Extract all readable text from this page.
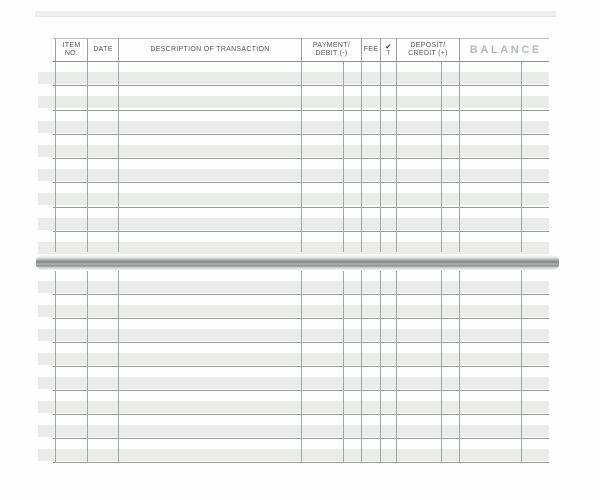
ITEM
NO.
DATE	DESCRIPTION OF TRANSACTION
PAYMENT/
DEBIT (-)
FEE ✔
T
DEPOSIT/
CREDIT (+) BALANCE
